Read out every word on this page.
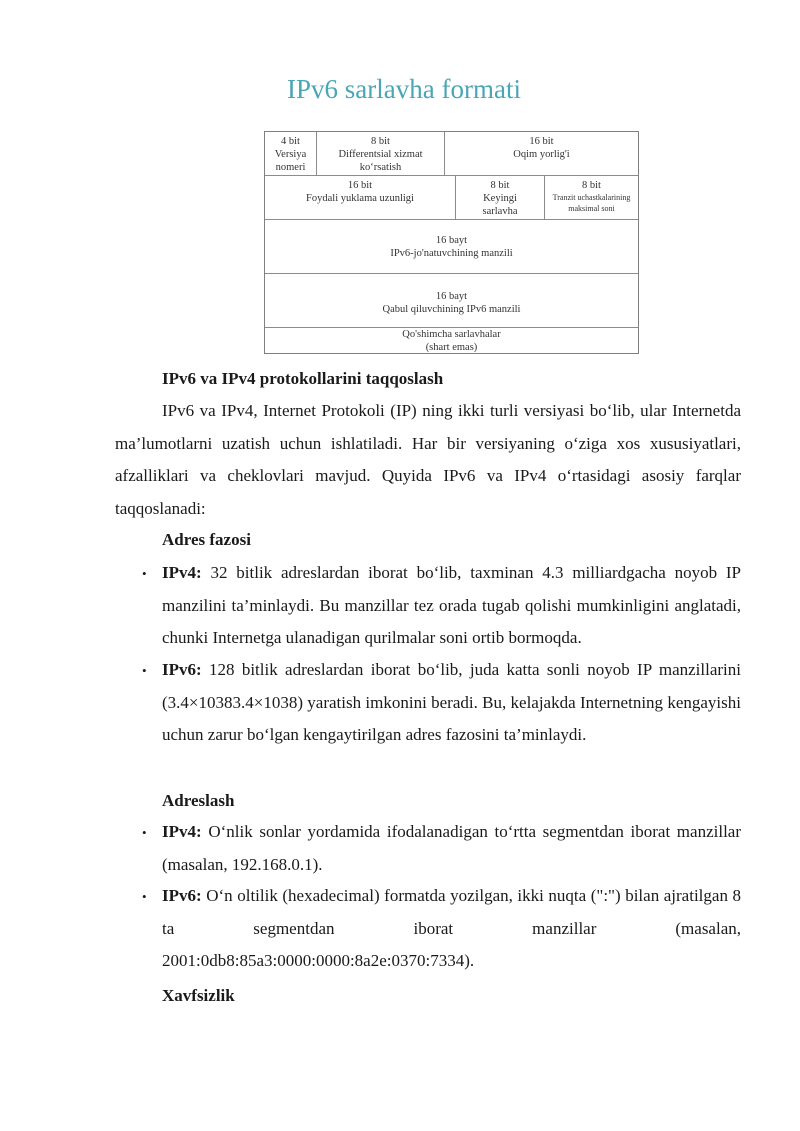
IPv6 sarlavha formati
4 bit
Versiya
nomeri
8 bit
Differentsial xizmat
ko‘rsatish
16 bit
Oqim yorlig'i
16 bit
Foydali yuklama uzunligi
8 bit
Keyingi
sarlavha
8 bit
Tranzit uchastkalarining
maksimal soni
16 bayt
IPv6-jo'natuvchining manzili
16 bayt
Qabul qiluvchining IPv6 manzili
Qo'shimcha sarlavhalar
(shart emas)
IPv6 va IPv4 protokollarini taqqoslash
IPv6 va IPv4, Internet Protokoli (IP) ning ikki turli versiyasi bo‘lib, ular Internetda ma’lumotlarni uzatish uchun ishlatiladi. Har bir versiyaning o‘ziga xos xususiyatlari, afzalliklari va cheklovlari mavjud. Quyida IPv6 va IPv4 o‘rtasidagi asosiy farqlar taqqoslanadi:
Adres fazosi
• IPv4: 32 bitlik adreslardan iborat bo‘lib, taxminan 4.3 milliardgacha noyob IP manzilini ta’minlaydi. Bu manzillar tez orada tugab qolishi mumkinligini anglatadi, chunki Internetga ulanadigan qurilmalar soni ortib bormoqda.
• IPv6: 128 bitlik adreslardan iborat bo‘lib, juda katta sonli noyob IP manzillarini (3.4×10383.4×1038) yaratish imkonini beradi. Bu, kelajakda Internetning kengayishi uchun zarur bo‘lgan kengaytirilgan adres fazosini ta’minlaydi.
Adreslash
• IPv4: O‘nlik sonlar yordamida ifodalanadigan to‘rtta segmentdan iborat manzillar (masalan, 192.168.0.1).
• IPv6: O‘n oltilik (hexadecimal) formatda yozilgan, ikki nuqta (":") bilan ajratilgan 8 ta segmentdan iborat manzillar (masalan, 2001:0db8:85a3:0000:0000:8a2e:0370:7334).
Xavfsizlik
